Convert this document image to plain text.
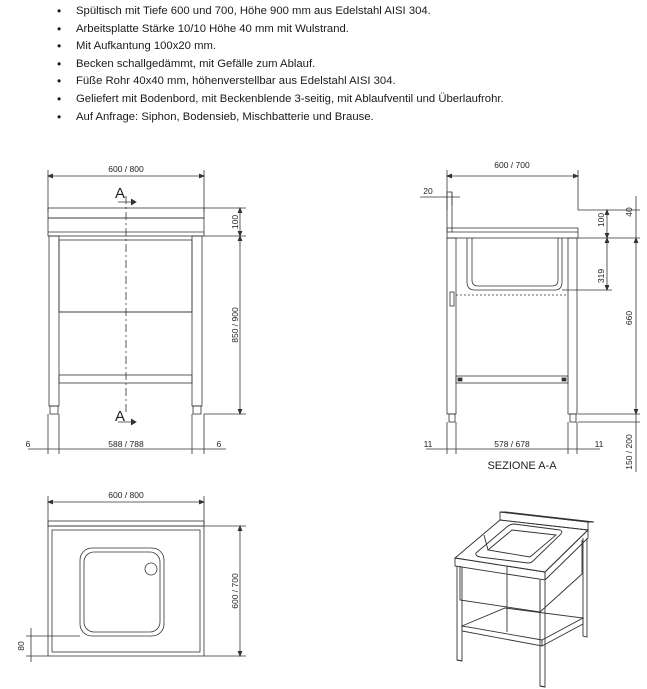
• Spültisch mit Tiefe 600 und 700, Höhe 900 mm aus Edelstahl AISI 304.
• Arbeitsplatte Stärke 10/10 Höhe 40 mm mit Wulstrand.
• Mit Aufkantung 100x20 mm.
• Becken schallgedämmt, mit Gefälle zum Ablauf.
• Füße Rohr 40x40 mm, höhenverstellbar aus Edelstahl AISI 304.
• Geliefert mit Bodenbord, mit Beckenblende 3-seitig, mit Ablaufventil und Überlaufrohr.
• Auf Anfrage: Siphon, Bodensieb, Mischbatterie und Brause.
600 / 800
A
A
100
850 / 900
6	588 / 788	6
600 / 700
20
100
40
319
660
11	578 / 678	11 150 / 200
SEZIONE A-A
600 / 800
600 / 700
80
